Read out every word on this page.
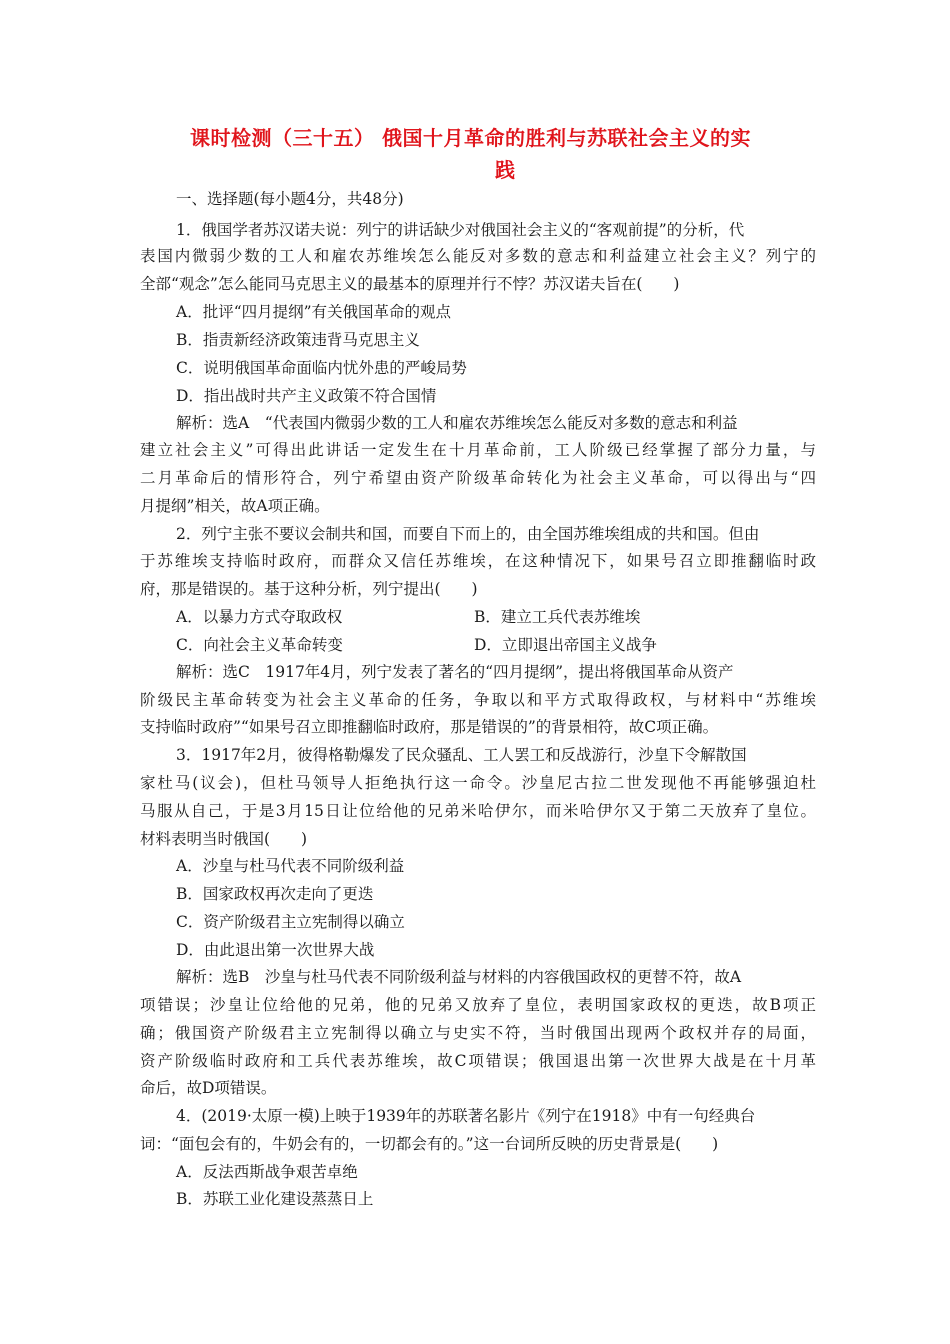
课时检测（三十五） 俄国十月革命的胜利与苏联社会主义的实
践
一、选择题(每小题4分，共48分)
1．俄国学者苏汉诺夫说：列宁的讲话缺少对俄国社会主义的“客观前提”的分析，代
表国内微弱少数的工人和雇农苏维埃怎么能反对多数的意志和利益建立社会主义？列宁的
全部“观念”怎么能同马克思主义的最基本的原理并行不悖？苏汉诺夫旨在(　　)
A．批评“四月提纲”有关俄国革命的观点
B．指责新经济政策违背马克思主义
C．说明俄国革命面临内忧外患的严峻局势
D．指出战时共产主义政策不符合国情
解析：选A　“代表国内微弱少数的工人和雇农苏维埃怎么能反对多数的意志和利益
建立社会主义”可得出此讲话一定发生在十月革命前，工人阶级已经掌握了部分力量，与
二月革命后的情形符合，列宁希望由资产阶级革命转化为社会主义革命，可以得出与“四
月提纲”相关，故A项正确。
2．列宁主张不要议会制共和国，而要自下而上的，由全国苏维埃组成的共和国。但由
于苏维埃支持临时政府，而群众又信任苏维埃，在这种情况下，如果号召立即推翻临时政
府，那是错误的。基于这种分析，列宁提出(　　)
A．以暴力方式夺取政权	B．建立工兵代表苏维埃
C．向社会主义革命转变	D．立即退出帝国主义战争
解析：选C　1917年4月，列宁发表了著名的“四月提纲”，提出将俄国革命从资产
阶级民主革命转变为社会主义革命的任务，争取以和平方式取得政权，与材料中“苏维埃
支持临时政府”“如果号召立即推翻临时政府，那是错误的”的背景相符，故C项正确。
3．1917年2月，彼得格勒爆发了民众骚乱、工人罢工和反战游行，沙皇下令解散国
家杜马(议会)，但杜马领导人拒绝执行这一命令。沙皇尼古拉二世发现他不再能够强迫杜
马服从自己，于是3月15日让位给他的兄弟米哈伊尔，而米哈伊尔又于第二天放弃了皇位。
材料表明当时俄国(　　)
A．沙皇与杜马代表不同阶级利益
B．国家政权再次走向了更迭
C．资产阶级君主立宪制得以确立
D．由此退出第一次世界大战
解析：选B　沙皇与杜马代表不同阶级利益与材料的内容俄国政权的更替不符，故A
项错误；沙皇让位给他的兄弟，他的兄弟又放弃了皇位，表明国家政权的更迭，故B项正
确；俄国资产阶级君主立宪制得以确立与史实不符，当时俄国出现两个政权并存的局面，
资产阶级临时政府和工兵代表苏维埃，故C项错误；俄国退出第一次世界大战是在十月革
命后，故D项错误。
4．(2019·太原一模)上映于1939年的苏联著名影片《列宁在1918》中有一句经典台
词：“面包会有的，牛奶会有的，一切都会有的。”这一台词所反映的历史背景是(　　)
A．反法西斯战争艰苦卓绝
B．苏联工业化建设蒸蒸日上
